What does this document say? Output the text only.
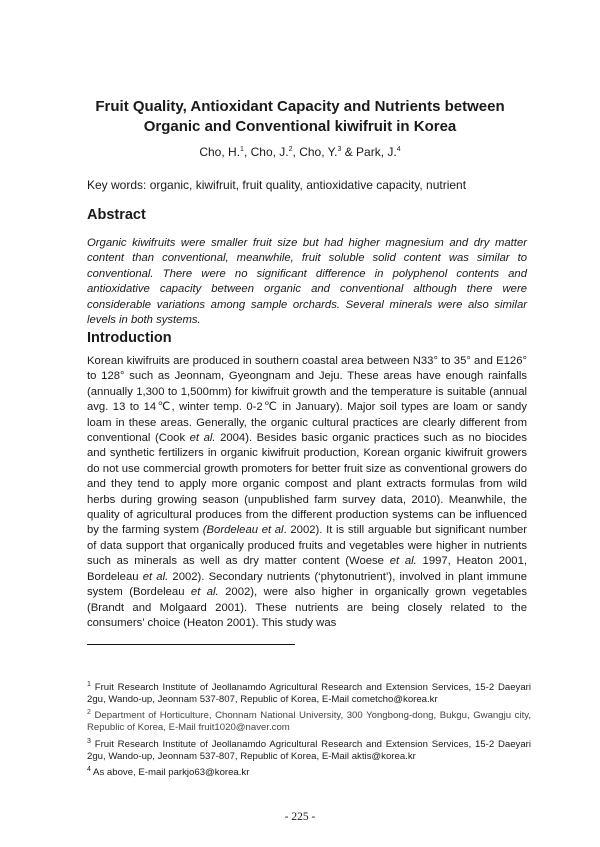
Fruit Quality, Antioxidant Capacity and Nutrients between
Organic and Conventional kiwifruit in Korea
Cho, H.$^1$, Cho, J.$^2$, Cho, Y.$^3$ & Park, J.$^4$
Key words: organic, kiwifruit, fruit quality, antioxidative capacity, nutrient
Abstract

Organic kiwifruits were smaller fruit size but had higher magnesium and dry matter content than conventional, meanwhile, fruit soluble solid content was similar to conventional. There were no significant difference in polyphenol contents and antioxidative capacity between organic and conventional although there were considerable variations among sample orchards. Several minerals were also similar levels in both systems.

Introduction

Korean kiwifruits are produced in southern coastal area between N33° to 35° and E126° to 128° such as Jeonnam, Gyeongnam and Jeju. These areas have enough rainfalls (annually 1,300 to 1,500mm) for kiwifruit growth and the temperature is suitable (annual avg. 13 to 14℃, winter temp. 0-2℃ in January). Major soil types are loam or sandy loam in these areas. Generally, the organic cultural practices are clearly different from conventional (Cook et al. 2004). Besides basic organic practices such as no biocides and synthetic fertilizers in organic kiwifruit production, Korean organic kiwifruit growers do not use commercial growth promoters for better fruit size as conventional growers do and they tend to apply more organic compost and plant extracts formulas from wild herbs during growing season (unpublished farm survey data, 2010). Meanwhile, the quality of agricultural produces from the different production systems can be influenced by the farming system (Bordeleau et al. 2002). It is still arguable but significant number of data support that organically produced fruits and vegetables were higher in nutrients such as minerals as well as dry matter content (Woese et al. 1997, Heaton 2001, Bordeleau et al. 2002). Secondary nutrients (‘phytonutrient’), involved in plant immune system (Bordeleau et al. 2002), were also higher in organically grown vegetables (Brandt and Molgaard 2001). These nutrients are being closely related to the consumers’ choice (Heaton 2001). This study was

$^1$ Fruit Research Institute of Jeollanamdo Agricultural Research and Extension Services, 15-2 Daeyari 2gu, Wando-up, Jeonnam 537-807, Republic of Korea, E-Mail cometcho@korea.kr

$^2$ Department of Horticulture, Chonnam National University, 300 Yongbong-dong, Bukgu, Gwangju city, Republic of Korea, E-Mail fruit1020@naver.com

$^3$ Fruit Research Institute of Jeollanamdo Agricultural Research and Extension Services, 15-2 Daeyari 2gu, Wando-up, Jeonnam 537-807, Republic of Korea, E-Mail aktis@korea.kr

$^4$ As above, E-mail parkjo63@korea.kr

- 225 -
